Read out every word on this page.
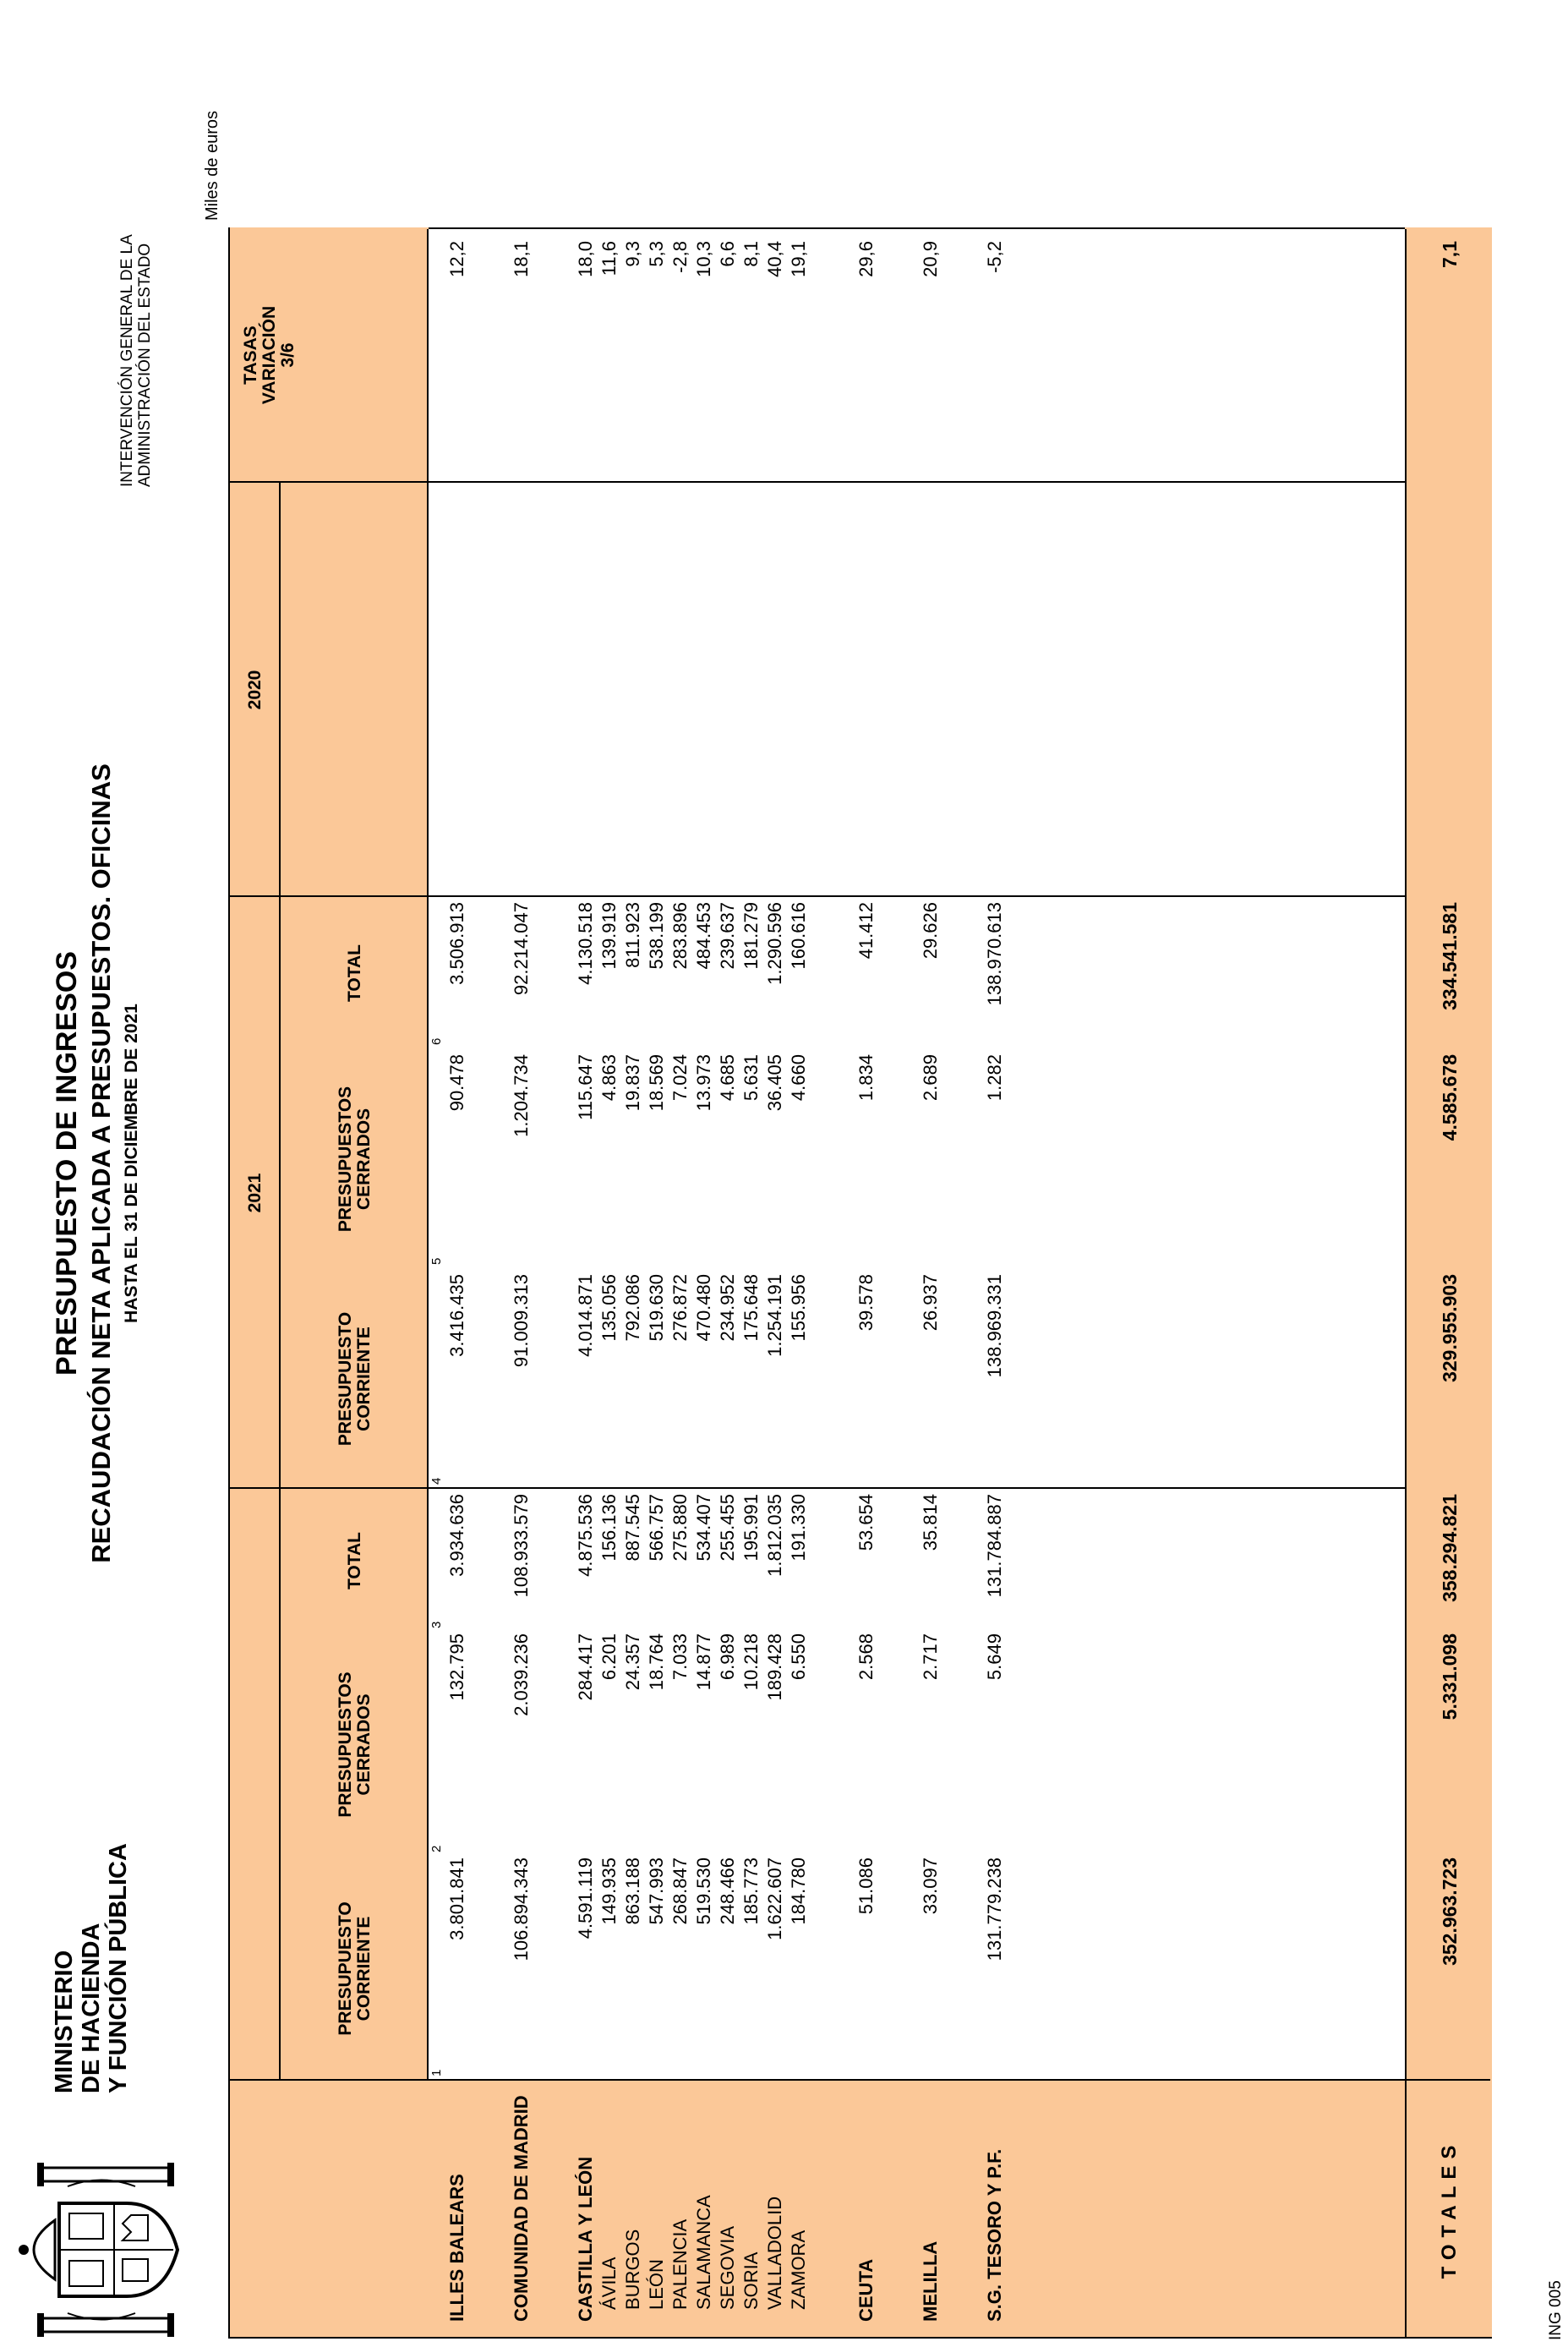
MINISTERIO DE HACIENDA Y FUNCIÓN PÚBLICA
PRESUPUESTO DE INGRESOS RECAUDACIÓN NETA APLICADA A PRESUPUESTOS. OFICINAS HASTA EL 31 DE DICIEMBRE DE 2021
INTERVENCIÓN GENERAL DE LA ADMINISTRACIÓN DEL ESTADO
Miles de euros
ING 005
2021
2020
PRESUPUESTO CORRIENTE
PRESUPUESTOS CERRADOS
TOTAL
PRESUPUESTO CORRIENTE
PRESUPUESTOS CERRADOS
TOTAL
TASAS VARIACIÓN 3/6
1
2
3
4
5
6
ILLES BALEARS
3.801.841
132.795
3.934.636
3.416.435
90.478
3.506.913
12,2
COMUNIDAD DE MADRID
106.894.343
2.039.236
108.933.579
91.009.313
1.204.734
92.214.047
18,1
CASTILLA Y LEÓN
4.591.119
284.417
4.875.536
4.014.871
115.647
4.130.518
18,0
ÁVILA
149.935
6.201
156.136
135.056
4.863
139.919
11,6
BURGOS
863.188
24.357
887.545
792.086
19.837
811.923
9,3
LEÓN
547.993
18.764
566.757
519.630
18.569
538.199
5,3
PALENCIA
268.847
7.033
275.880
276.872
7.024
283.896
-2,8
SALAMANCA
519.530
14.877
534.407
470.480
13.973
484.453
10,3
SEGOVIA
248.466
6.989
255.455
234.952
4.685
239.637
6,6
SORIA
185.773
10.218
195.991
175.648
5.631
181.279
8,1
VALLADOLID
1.622.607
189.428
1.812.035
1.254.191
36.405
1.290.596
40,4
ZAMORA
184.780
6.550
191.330
155.956
4.660
160.616
19,1
CEUTA
51.086
2.568
53.654
39.578
1.834
41.412
29,6
MELILLA
33.097
2.717
35.814
26.937
2.689
29.626
20,9
S.G. TESORO Y P.F.
131.779.238
5.649
131.784.887
138.969.331
1.282
138.970.613
-5,2
TOTALES
352.963.723
5.331.098
358.294.821
329.955.903
4.585.678
334.541.581
7,1
